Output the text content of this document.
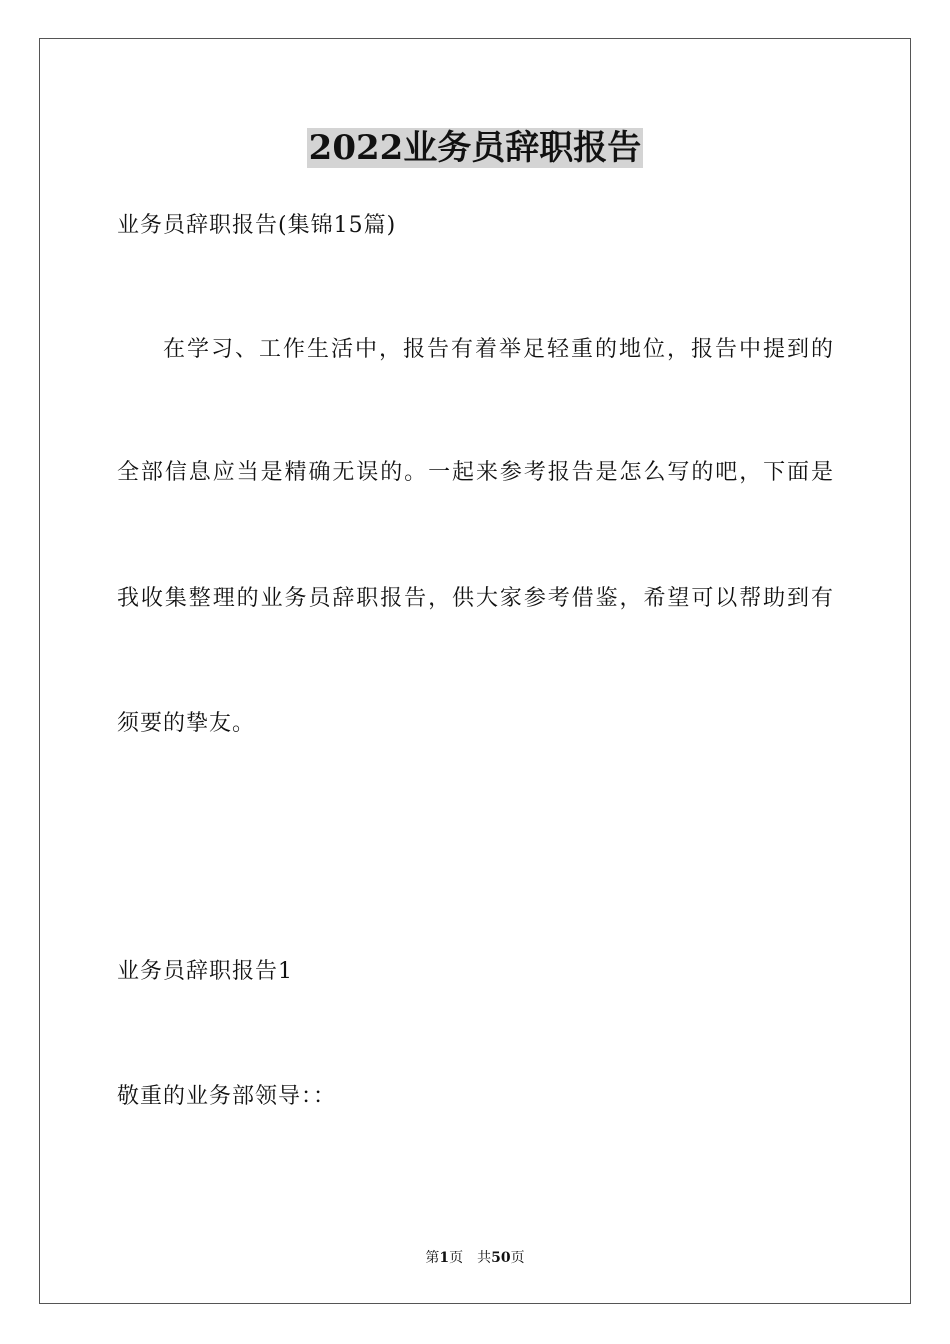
2022业务员辞职报告
业务员辞职报告(集锦15篇)
在学习、工作生活中，报告有着举足轻重的地位，报告中提到的
全部信息应当是精确无误的。一起来参考报告是怎么写的吧，下面是
我收集整理的业务员辞职报告，供大家参考借鉴，希望可以帮助到有
须要的挚友。
业务员辞职报告1
敬重的业务部领导：：
第1页 共50页
